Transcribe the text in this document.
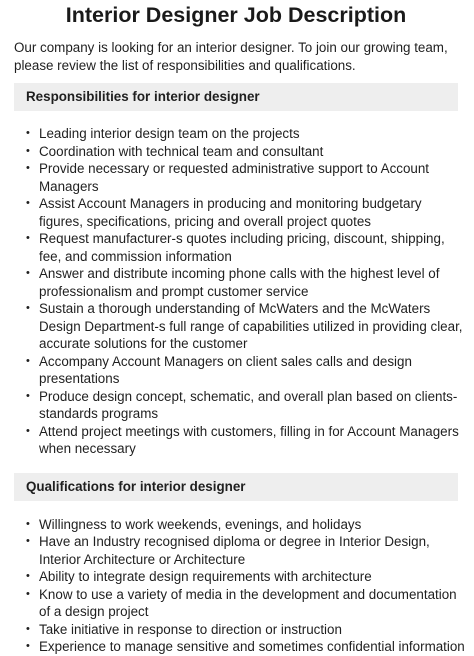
Interior Designer Job Description

Our company is looking for an interior designer. To join our growing team, please review the list of responsibilities and qualifications.

Responsibilities for interior designer
• Leading interior design team on the projects
• Coordination with technical team and consultant
• Provide necessary or requested administrative support to Account Managers
• Assist Account Managers in producing and monitoring budgetary figures, specifications, pricing and overall project quotes
• Request manufacturer-s quotes including pricing, discount, shipping, fee, and commission information
• Answer and distribute incoming phone calls with the highest level of professionalism and prompt customer service
• Sustain a thorough understanding of McWaters and the McWaters Design Department-s full range of capabilities utilized in providing clear, accurate solutions for the customer
• Accompany Account Managers on client sales calls and design presentations
• Produce design concept, schematic, and overall plan based on clients-standards programs
• Attend project meetings with customers, filling in for Account Managers when necessary
Qualifications for interior designer
• Willingness to work weekends, evenings, and holidays
• Have an Industry recognised diploma or degree in Interior Design, Interior Architecture or Architecture
• Ability to integrate design requirements with architecture
• Know to use a variety of media in the development and documentation of a design project
• Take initiative in response to direction or instruction
• Experience to manage sensitive and sometimes confidential information
